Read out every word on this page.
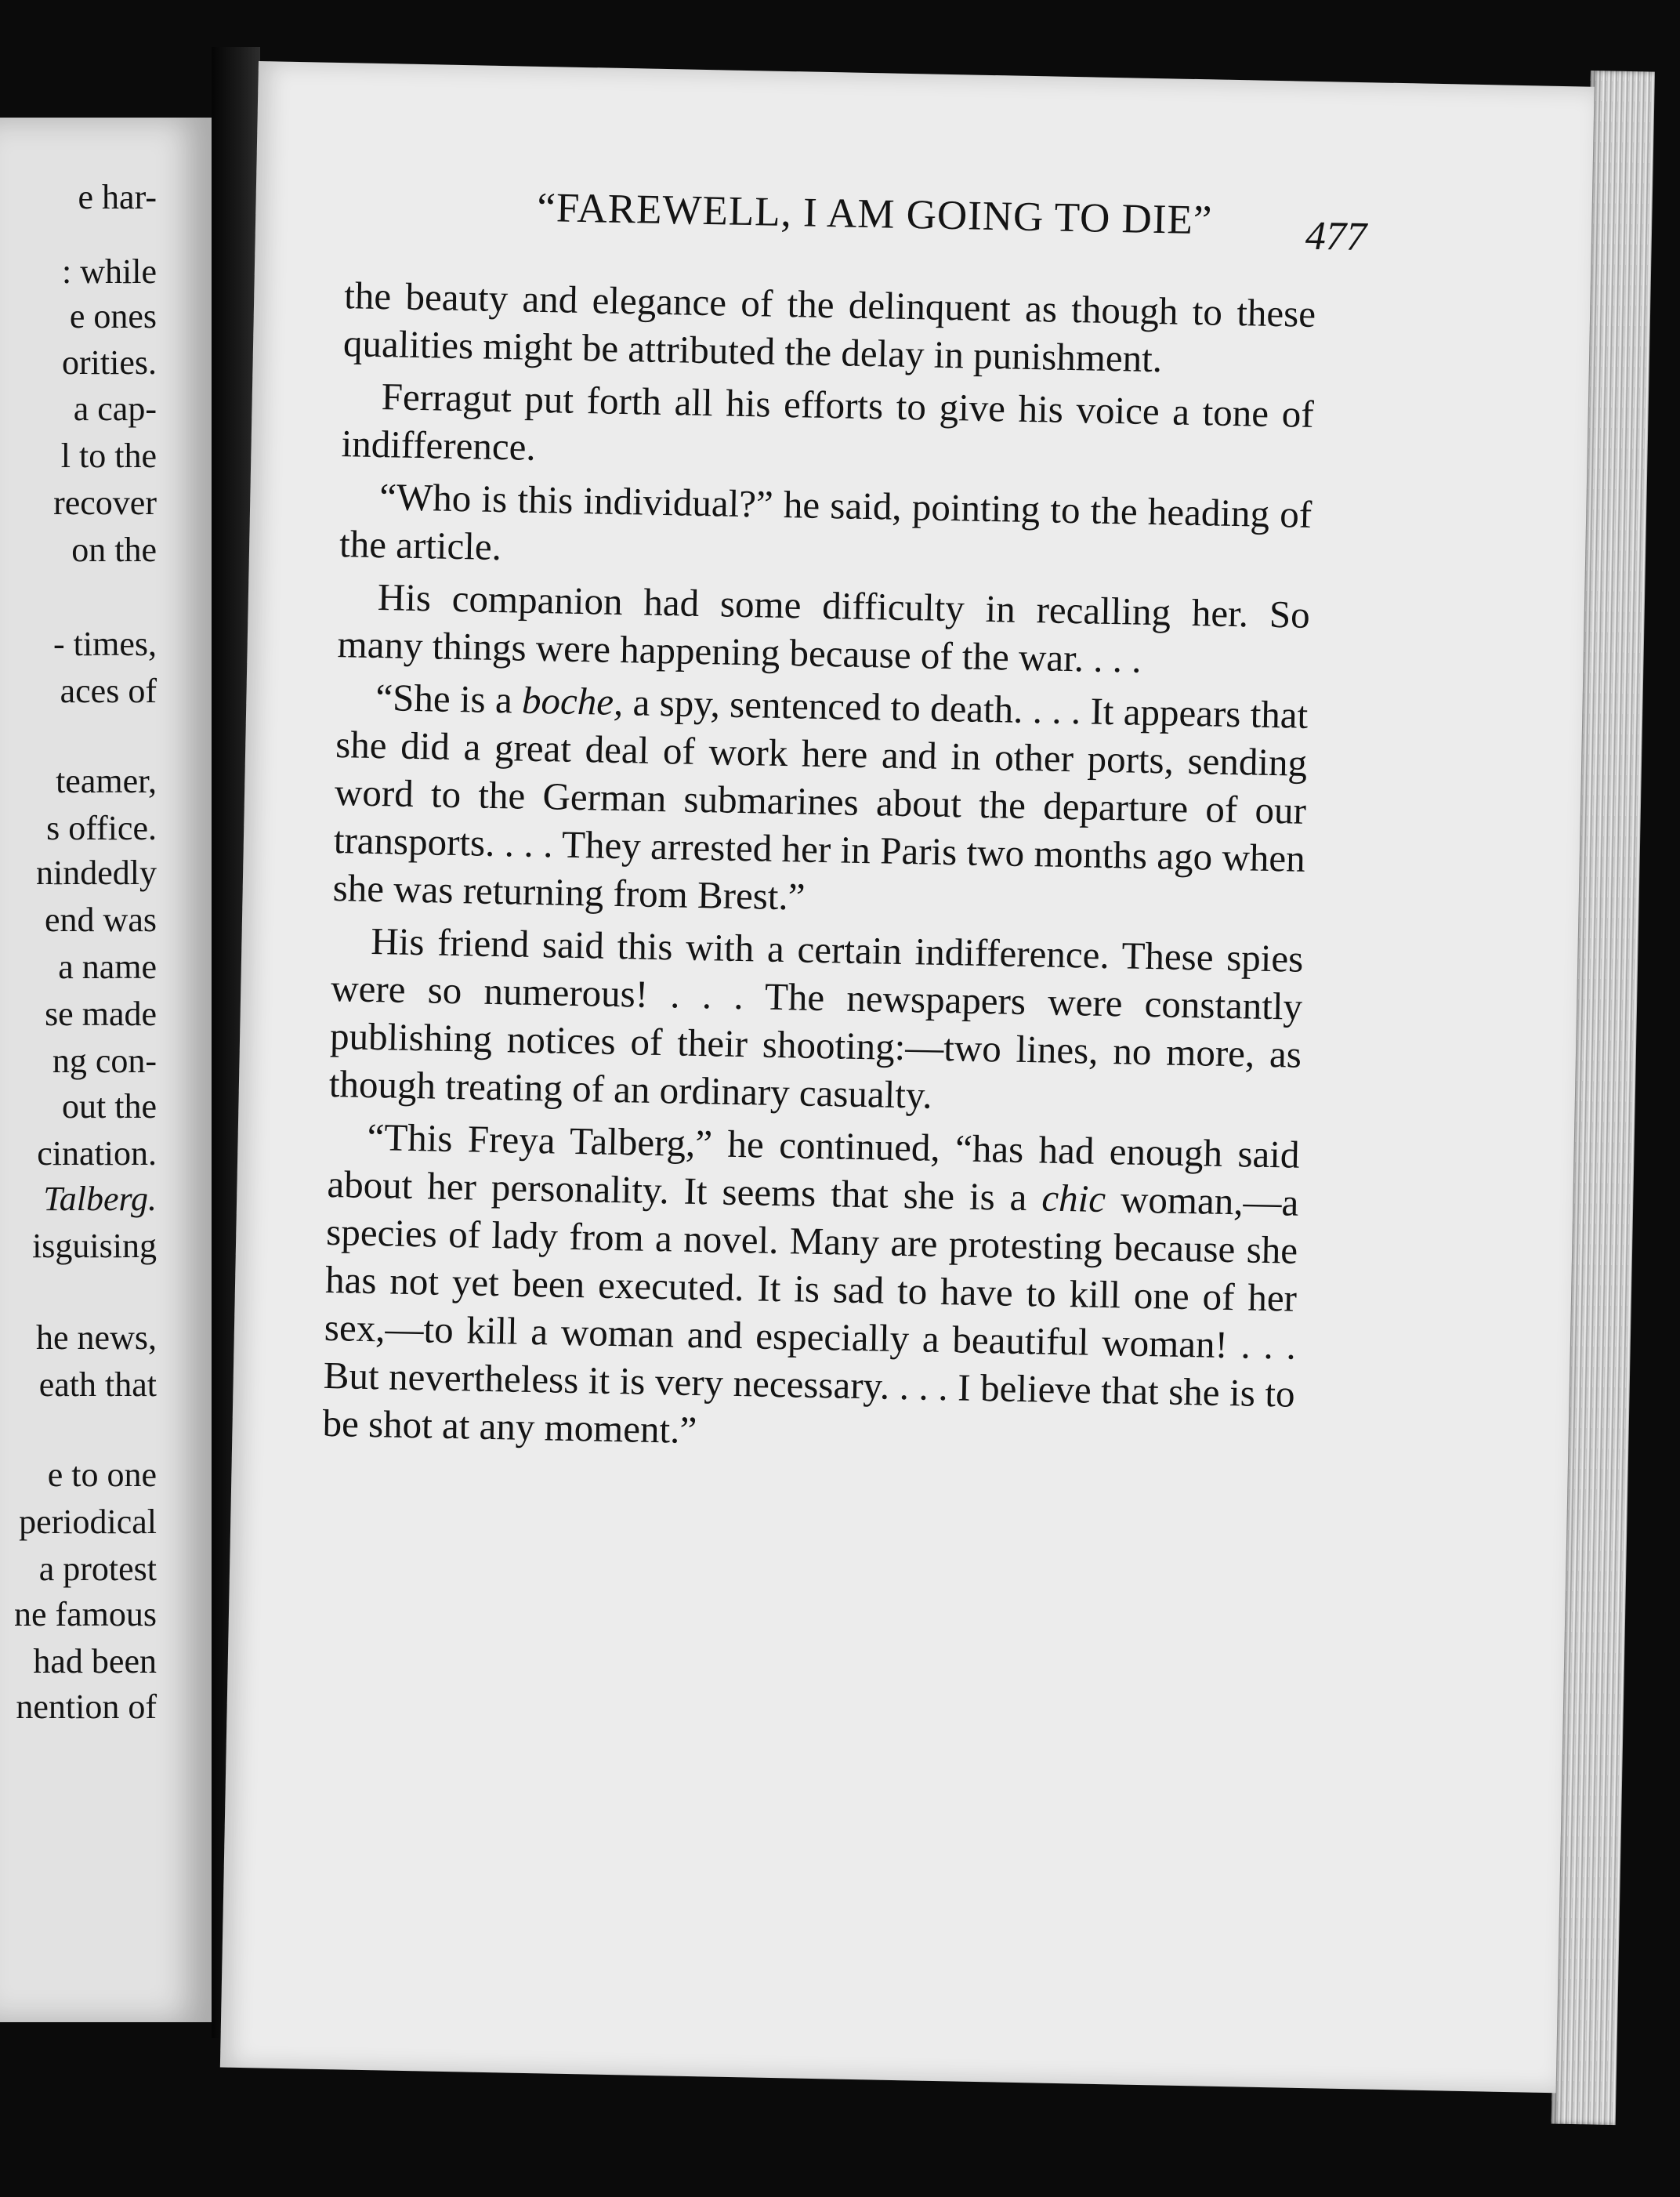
e har-
: while
e ones
orities.
a cap-
l to the
recover
on the
- times,
aces of
teamer,
s office.
nindedly
end was
a name
se made
ng con-
out the
cination.
Talberg.
isguising
he news,
eath that
e to one
periodical
a protest
ne famous
had been
nention of
“FAREWELL, I AM GOING TO DIE”	477

the beauty and elegance of the delinquent as though to these qualities might be attributed the delay in punishment.

Ferragut put forth all his efforts to give his voice a tone of indifference.

“Who is this individual?” he said, pointing to the heading of the article.

His companion had some difficulty in recalling her. So many things were happening because of the war. . . .

“She is a boche, a spy, sentenced to death. . . . It appears that she did a great deal of work here and in other ports, sending word to the German submarines about the departure of our transports. . . . They arrested her in Paris two months ago when she was returning from Brest.”

His friend said this with a certain indifference. These spies were so numerous! . . . The newspapers were constantly publishing notices of their shooting:—two lines, no more, as though treating of an ordinary casualty.

“This Freya Talberg,” he continued, “has had enough said about her personality. It seems that she is a chic woman,—a species of lady from a novel. Many are protesting because she has not yet been executed. It is sad to have to kill one of her sex,—to kill a woman and especially a beautiful woman! . . . But nevertheless it is very necessary. . . . I believe that she is to be shot at any moment.”
